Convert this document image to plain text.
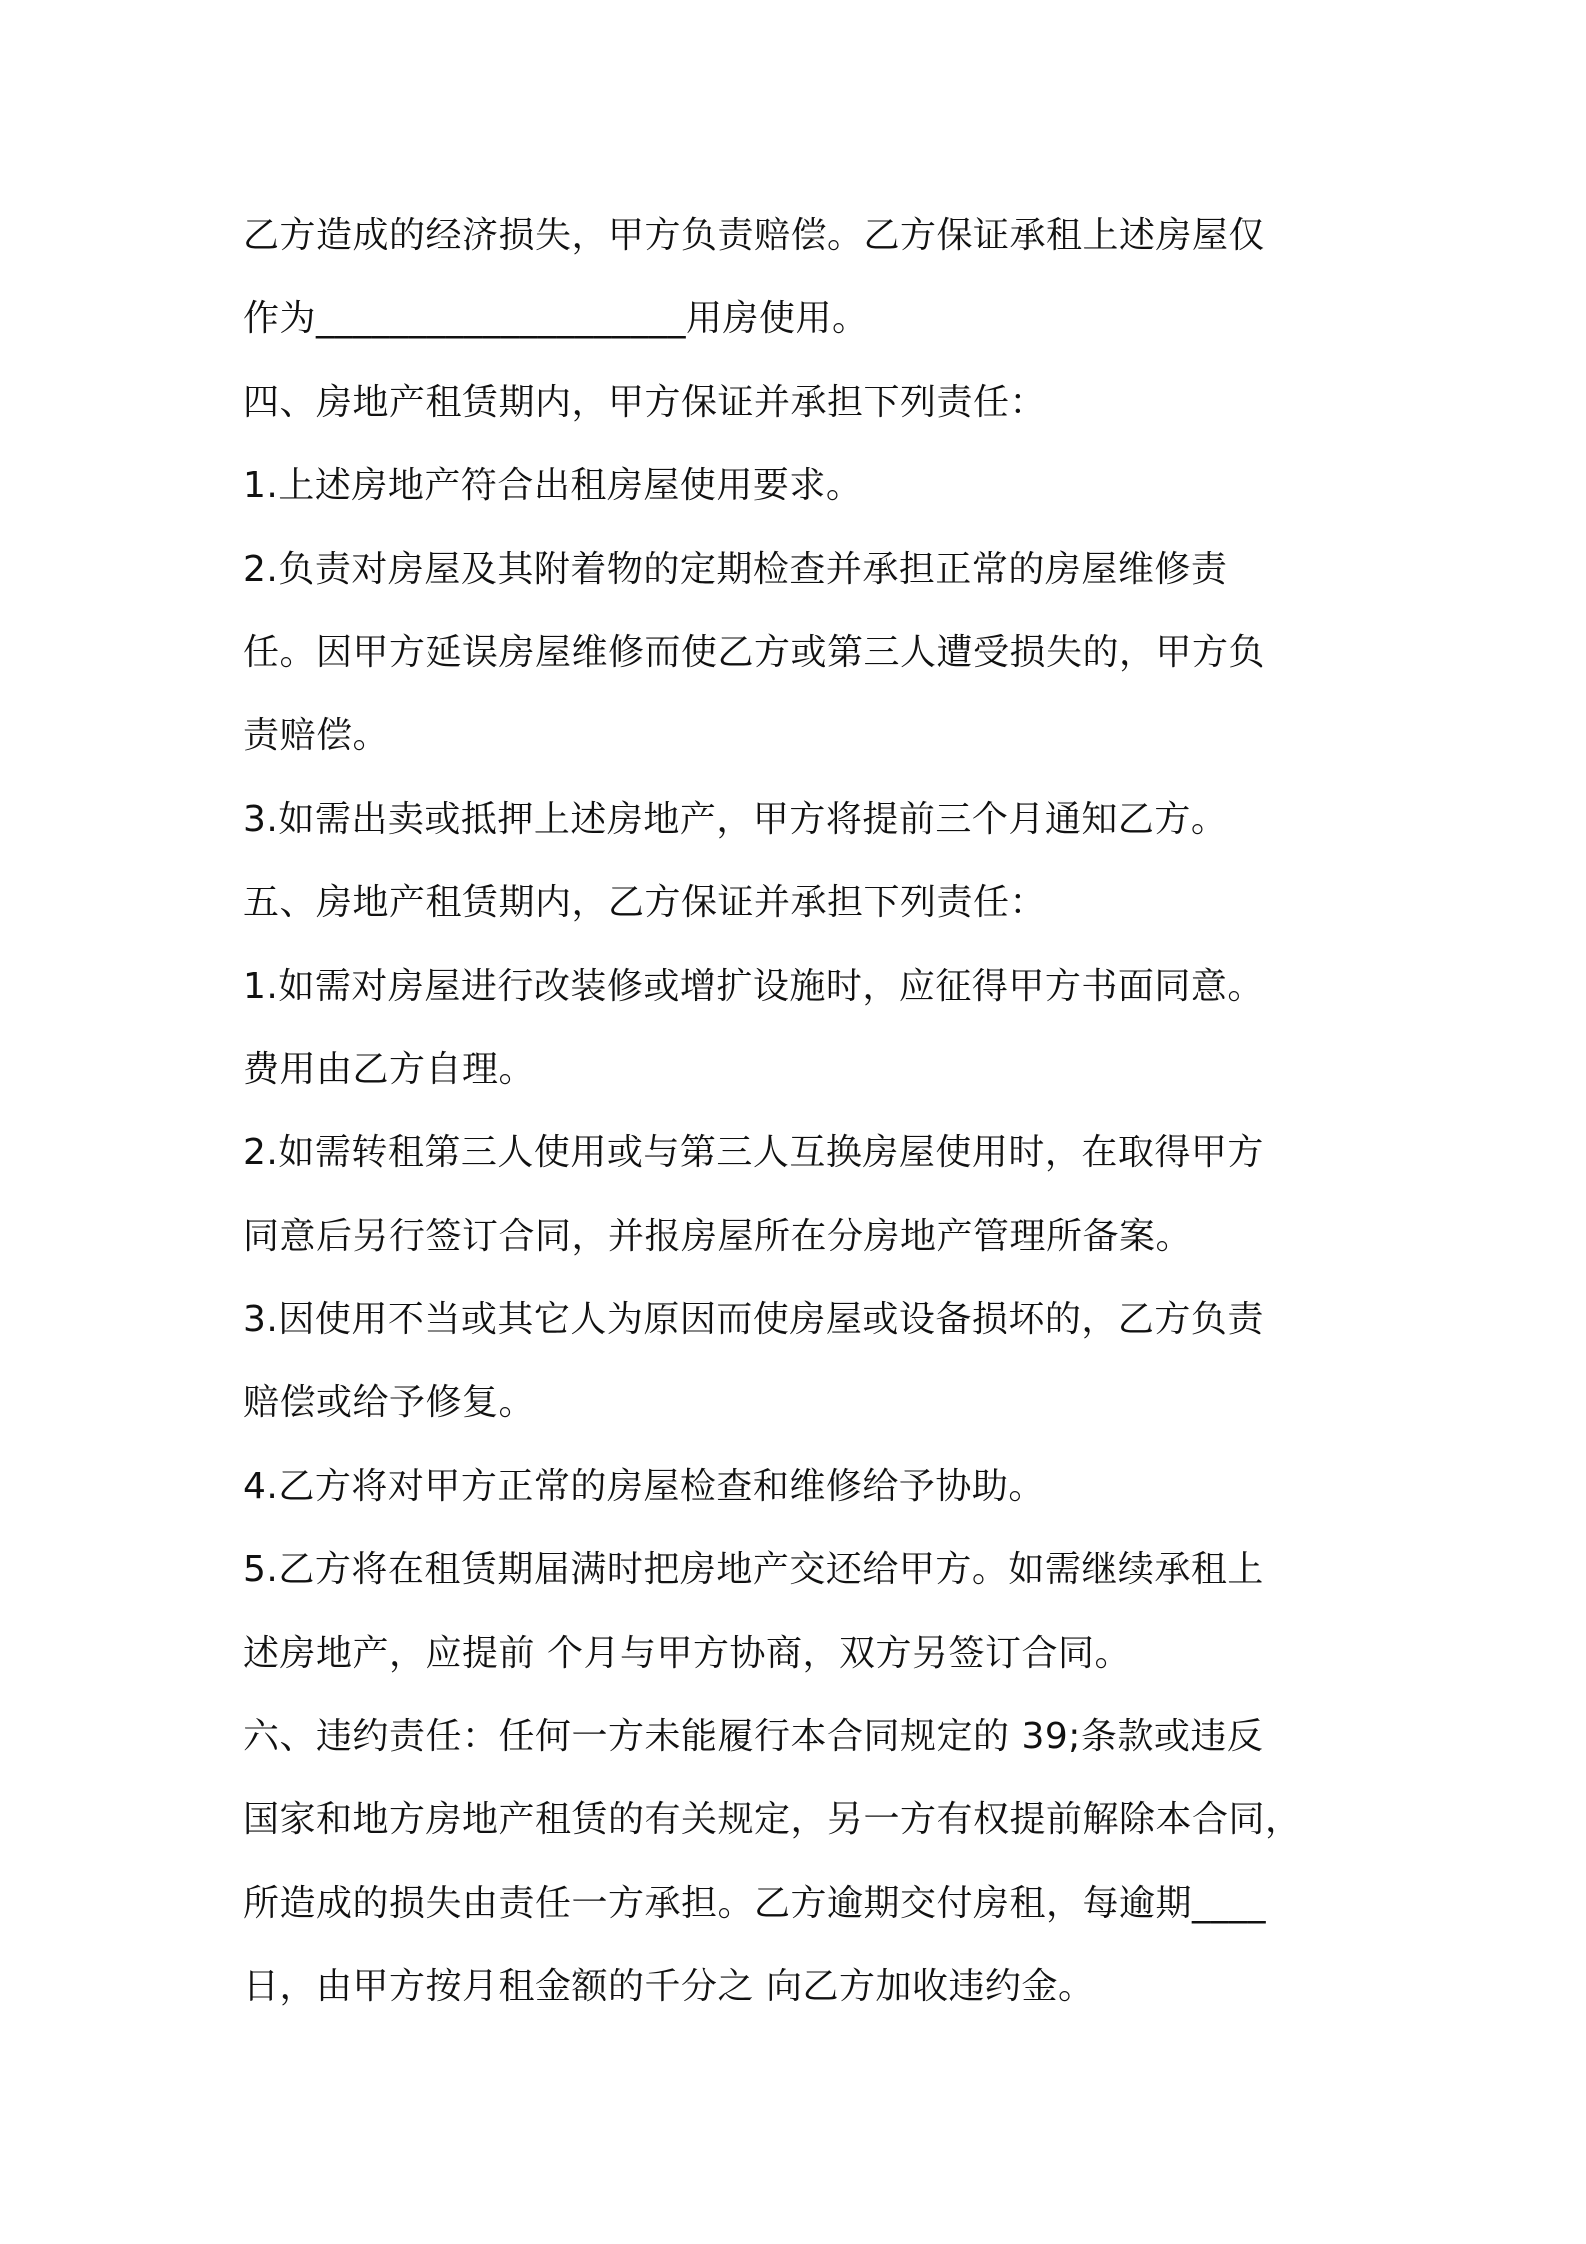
乙方造成的经济损失，甲方负责赔偿。乙方保证承租上述房屋仅
作为____________________用房使用。
四、房地产租赁期内，甲方保证并承担下列责任：
1.上述房地产符合出租房屋使用要求。
2.负责对房屋及其附着物的定期检查并承担正常的房屋维修责
任。因甲方延误房屋维修而使乙方或第三人遭受损失的，甲方负
责赔偿。
3.如需出卖或抵押上述房地产，甲方将提前三个月通知乙方。
五、房地产租赁期内，乙方保证并承担下列责任：
1.如需对房屋进行改装修或增扩设施时，应征得甲方书面同意。
费用由乙方自理。
2.如需转租第三人使用或与第三人互换房屋使用时，在取得甲方
同意后另行签订合同，并报房屋所在分房地产管理所备案。
3.因使用不当或其它人为原因而使房屋或设备损坏的，乙方负责
赔偿或给予修复。
4.乙方将对甲方正常的房屋检查和维修给予协助。
5.乙方将在租赁期届满时把房地产交还给甲方。如需继续承租上
述房地产，应提前 个月与甲方协商，双方另签订合同。
六、违约责任：任何一方未能履行本合同规定的 39;条款或违反
国家和地方房地产租赁的有关规定，另一方有权提前解除本合同，
所造成的损失由责任一方承担。乙方逾期交付房租，每逾期____
日，由甲方按月租金额的千分之 向乙方加收违约金。
